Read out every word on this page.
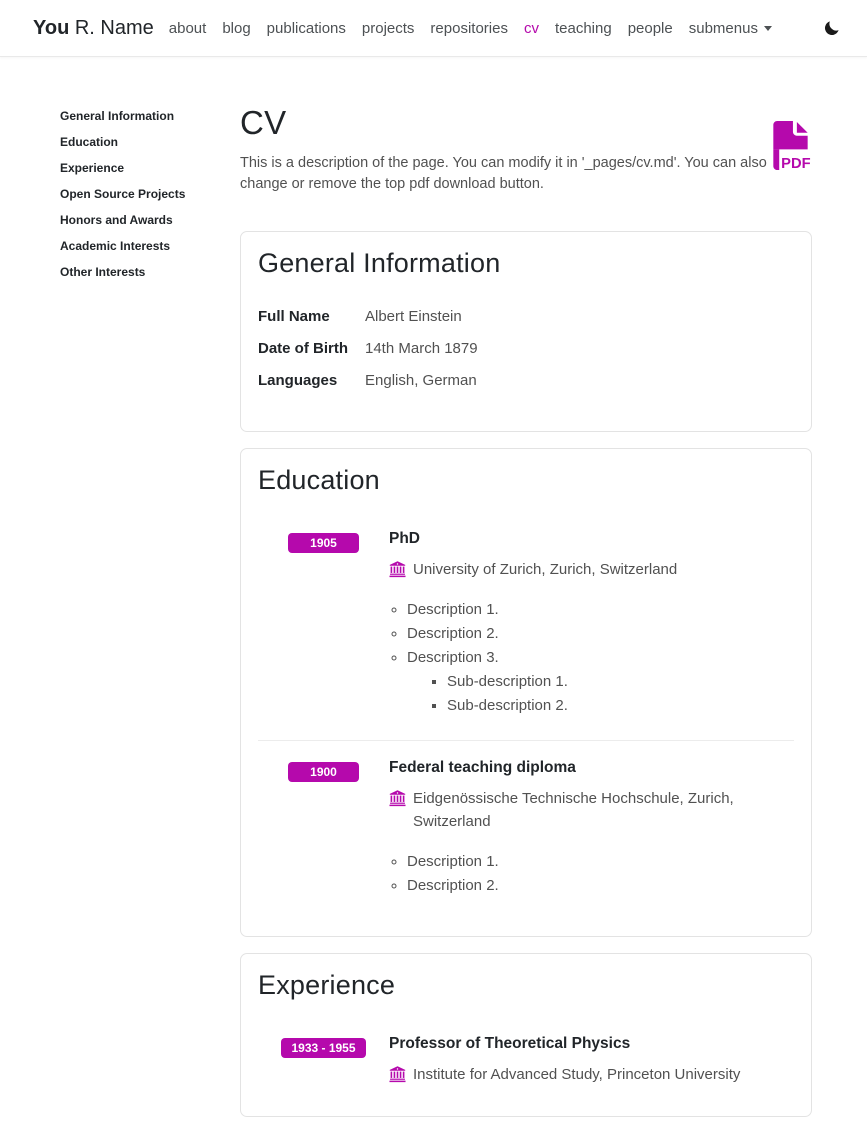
You R. Name about blog publications projects repositories cv teaching people submenus
General Information
Education
Experience
Open Source Projects
Honors and Awards
Academic Interests
Other Interests
CV
PDF

This is a description of the page. You can modify it in '_pages/cv.md'. You can also change or remove the top pdf download button.

General Information
Full Name	Albert Einstein
Date of Birth	14th March 1879
Languages	English, German
Education
1905	PhD
University of Zurich, Zurich, Switzerland
◦ Description 1.
◦ Description 2.
◦ Description 3.
▪ Sub-description 1.
▪ Sub-description 2.
1900	Federal teaching diploma
Eidgenössische Technische Hochschule, Zurich, Switzerland
◦ Description 1.
◦ Description 2.
Experience
1933 - 1955	Professor of Theoretical Physics
Institute for Advanced Study, Princeton University
